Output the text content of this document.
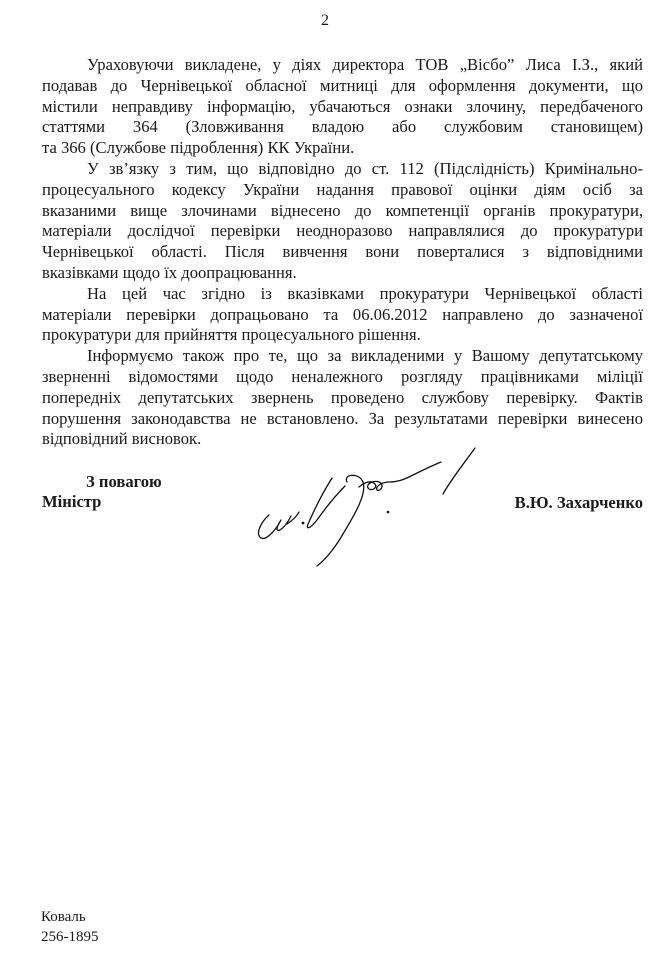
2
Ураховуючи викладене, у діях директора ТОВ „Вісбо” Лиса І.З., який
подавав до Чернівецької обласної митниці для оформлення документи, що
містили неправдиву інформацію, убачаються ознаки злочину, передбаченого
статтями 364 (Зловживання владою або службовим становищем)
та 366 (Службове підроблення) КК України.
У зв’язку з тим, що відповідно до ст. 112 (Підслідність) Кримінально-
процесуального кодексу України надання правової оцінки діям осіб за
вказаними вище злочинами віднесено до компетенції органів прокуратури,
матеріали дослідчої перевірки неодноразово направлялися до прокуратури
Чернівецької області. Після вивчення вони поверталися з відповідними
вказівками щодо їх доопрацювання.
На цей час згідно із вказівками прокуратури Чернівецької області
матеріали перевірки допрацьовано та 06.06.2012 направлено до зазначеної
прокуратури для прийняття процесуального рішення.
Інформуємо також про те, що за викладеними у Вашому депутатському
зверненні відомостями щодо неналежного розгляду працівниками міліції
попередніх депутатських звернень проведено службову перевірку. Фактів
порушення законодавства не встановлено. За результатами перевірки винесено
відповідний висновок.
З повагою
Міністр	В.Ю. Захарченко
Коваль
256-1895
